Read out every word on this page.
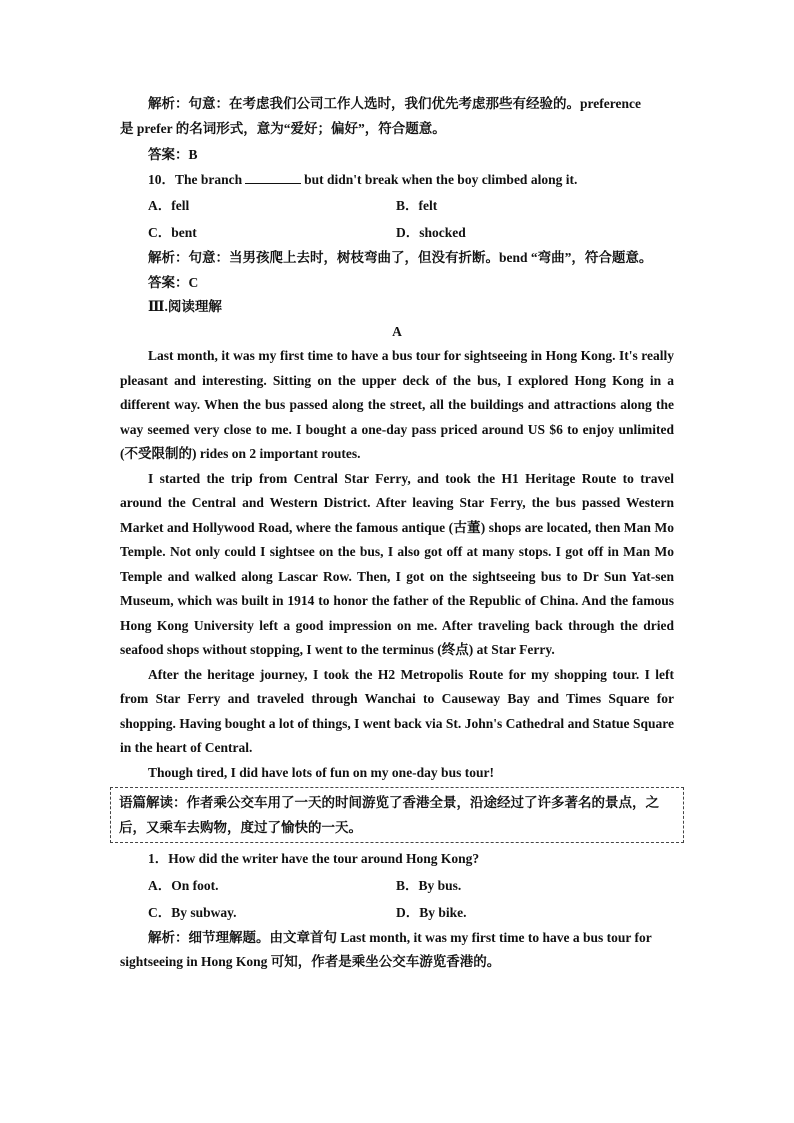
解析：句意：在考虑我们公司工作人选时，我们优先考虑那些有经验的。preference
是 prefer 的名词形式，意为“爱好；偏好”，符合题意。
答案：B
10．The branch	but didn't break when the boy climbed along it.
A．fell	B．felt
C．bent	D．shocked
解析：句意：当男孩爬上去时，树枝弯曲了，但没有折断。bend “弯曲”，符合题意。
答案：C
Ⅲ.阅读理解
A

Last month, it was my first time to have a bus tour for sightseeing in Hong Kong. It's really pleasant and interesting. Sitting on the upper deck of the bus, I explored Hong Kong in a different way. When the bus passed along the street, all the buildings and attractions along the way seemed very close to me. I bought a one-day pass priced around US $6 to enjoy unlimited (不受限制的) rides on 2 important routes.

I started the trip from Central Star Ferry, and took the H1 Heritage Route to travel around the Central and Western District. After leaving Star Ferry, the bus passed Western Market and Hollywood Road, where the famous antique (古董) shops are located, then Man Mo Temple. Not only could I sightsee on the bus, I also got off at many stops. I got off in Man Mo Temple and walked along Lascar Row. Then, I got on the sightseeing bus to Dr Sun Yat-sen Museum, which was built in 1914 to honor the father of the Republic of China. And the famous Hong Kong University left a good impression on me. After traveling back through the dried seafood shops without stopping, I went to the terminus (终点) at Star Ferry.

After the heritage journey, I took the H2 Metropolis Route for my shopping tour. I left from Star Ferry and traveled through Wanchai to Causeway Bay and Times Square for shopping. Having bought a lot of things, I went back via St. John's Cathedral and Statue Square in the heart of Central.

Though tired, I did have lots of fun on my one-day bus tour!

语篇解读：作者乘公交车用了一天的时间游览了香港全景，沿途经过了许多著名的景点，之后，又乘车去购物，度过了愉快的一天。
1．How did the writer have the tour around Hong Kong?
A．On foot.	B．By bus.
C．By subway.	D．By bike.
解析：细节理解题。由文章首句 Last month, it was my first time to have a bus tour for
sightseeing in Hong Kong 可知，作者是乘坐公交车游览香港的。
